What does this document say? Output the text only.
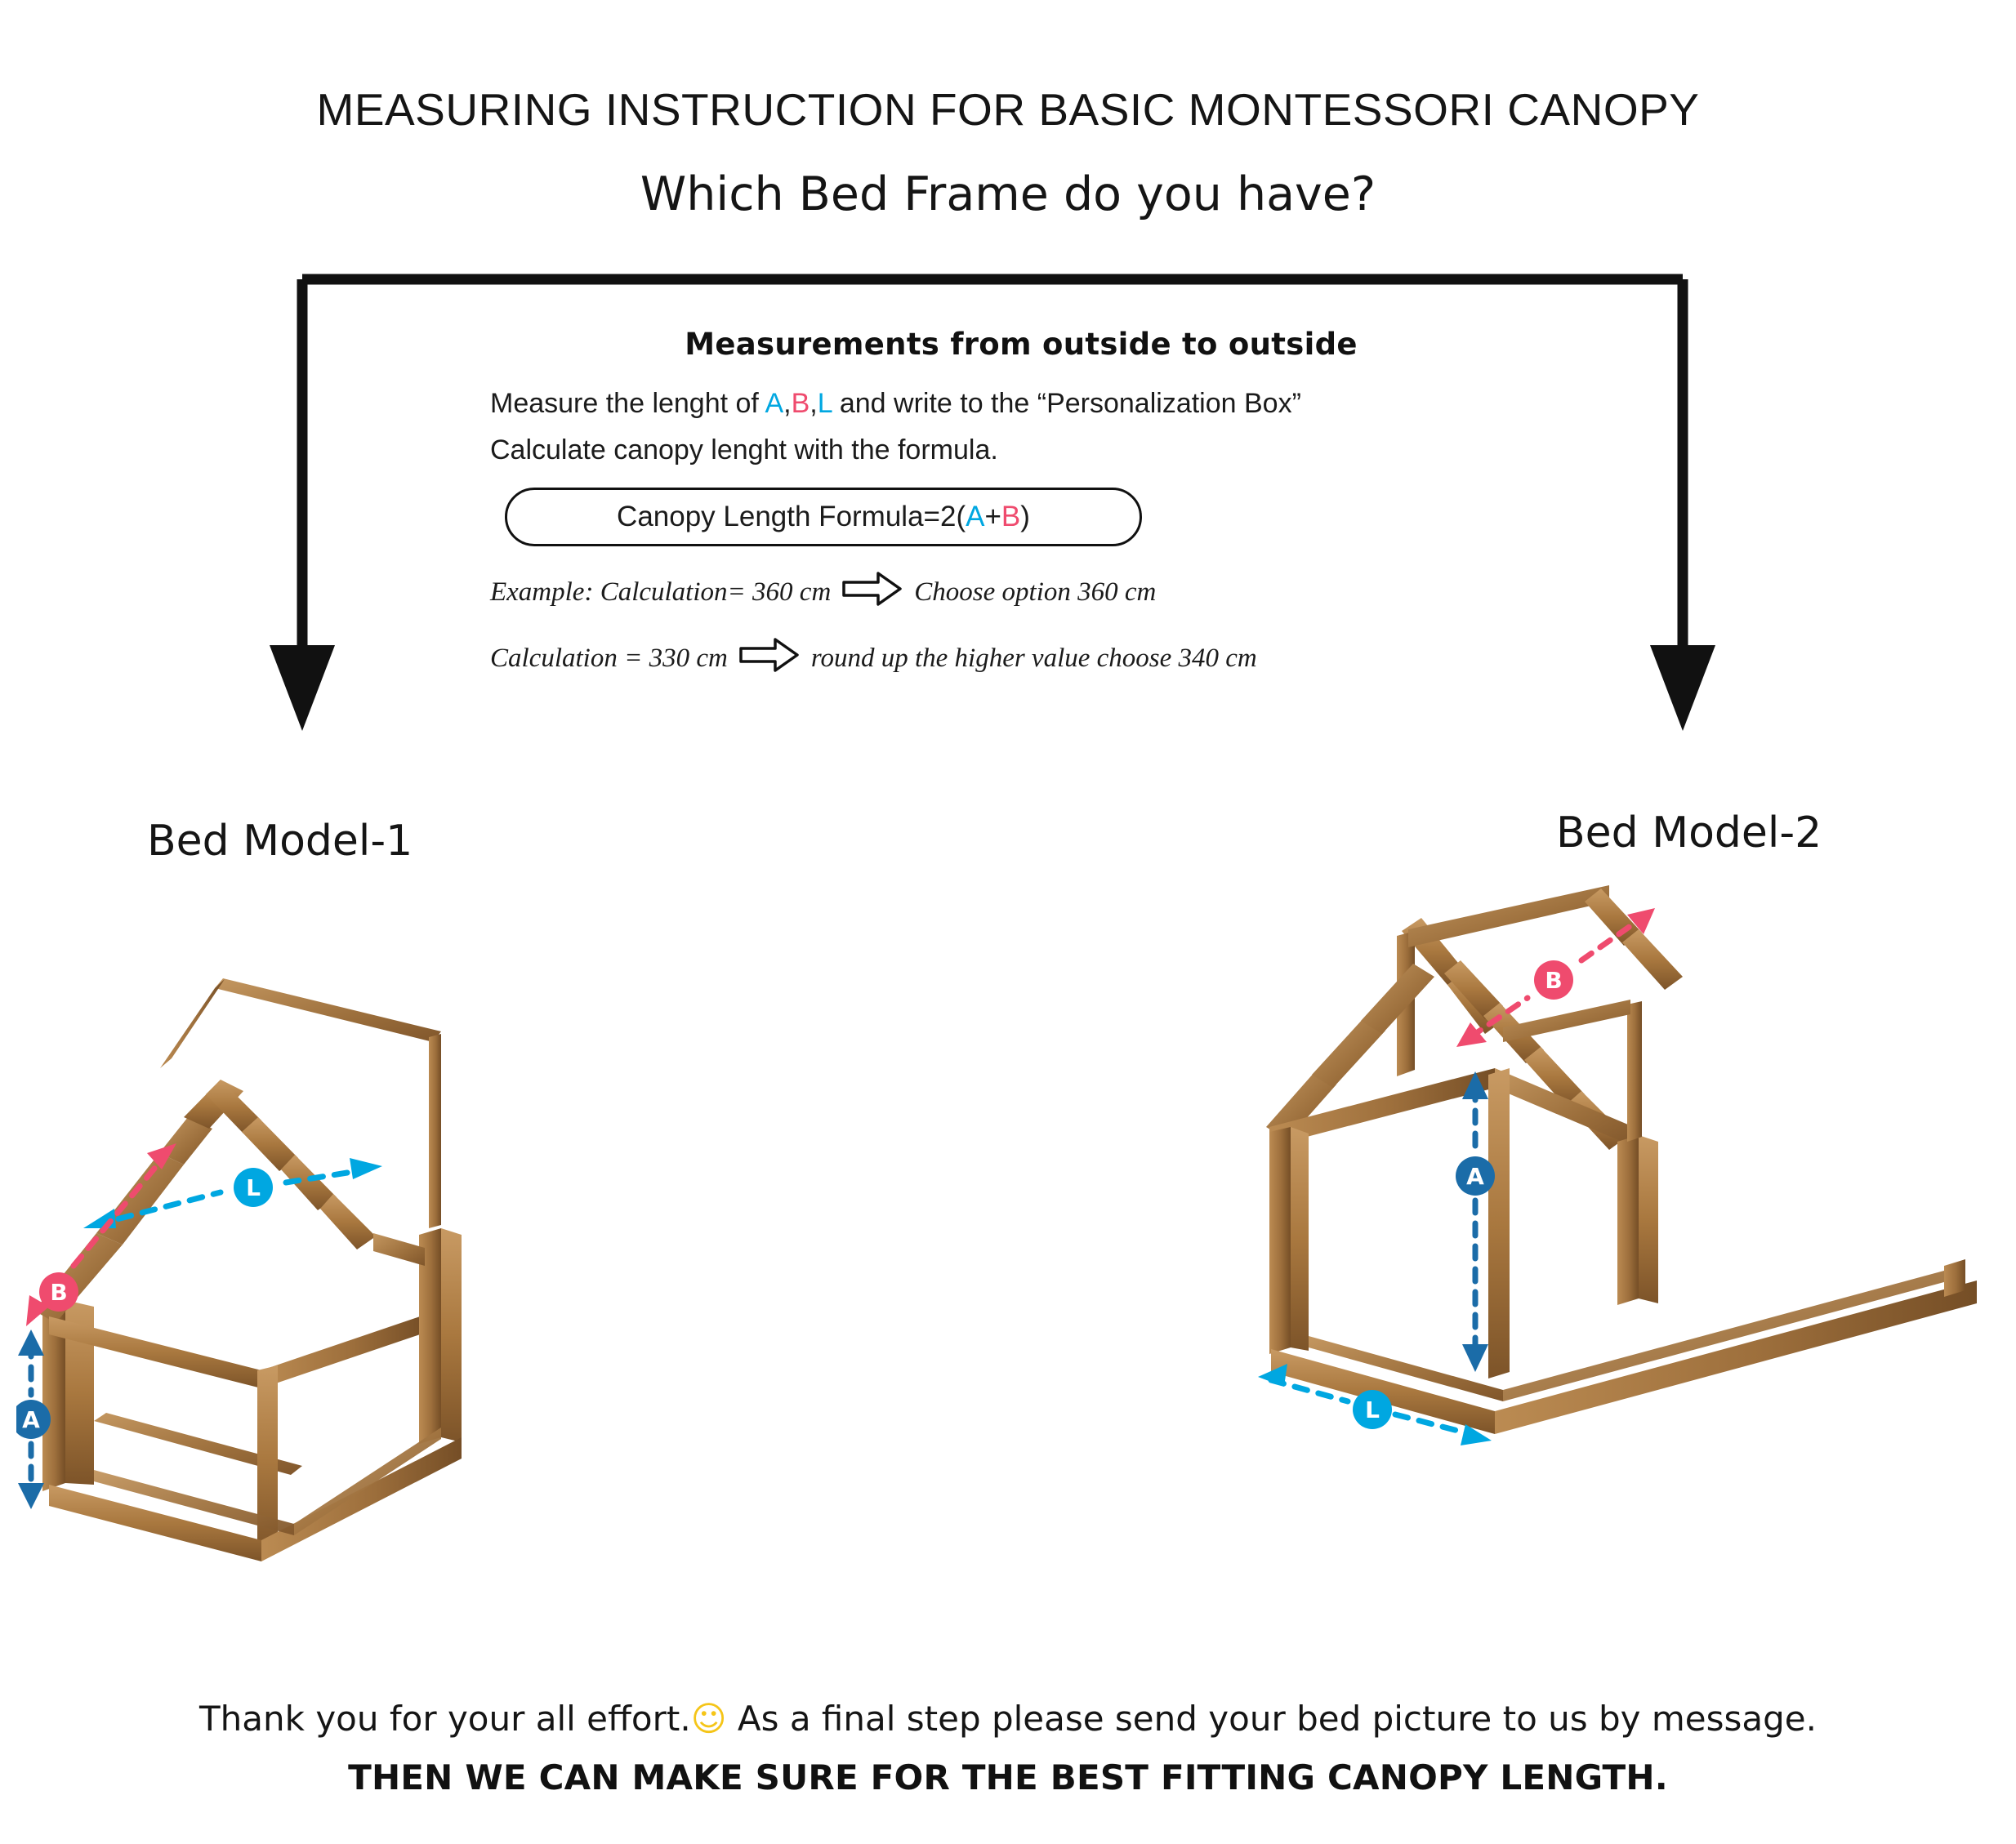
MEASURING INSTRUCTION FOR BASIC MONTESSORI CANOPY
Which Bed Frame do you have?
Measurements from outside to outside
Measure the lenght of A,B,L and write to the “Personalization Box”
Calculate canopy lenght with the formula.
Canopy Length Formula=2( A + B )
Example: Calculation= 360 cm	Choose option 360 cm
Calculation = 330 cm	round up the higher value choose 340 cm
Bed Model-1	Bed Model-2
L
B
A
B
A
L
Thank you for your all effort.☺ As a final step please send your bed picture to us by message.
THEN WE CAN MAKE SURE FOR THE BEST FITTING CANOPY LENGTH.
